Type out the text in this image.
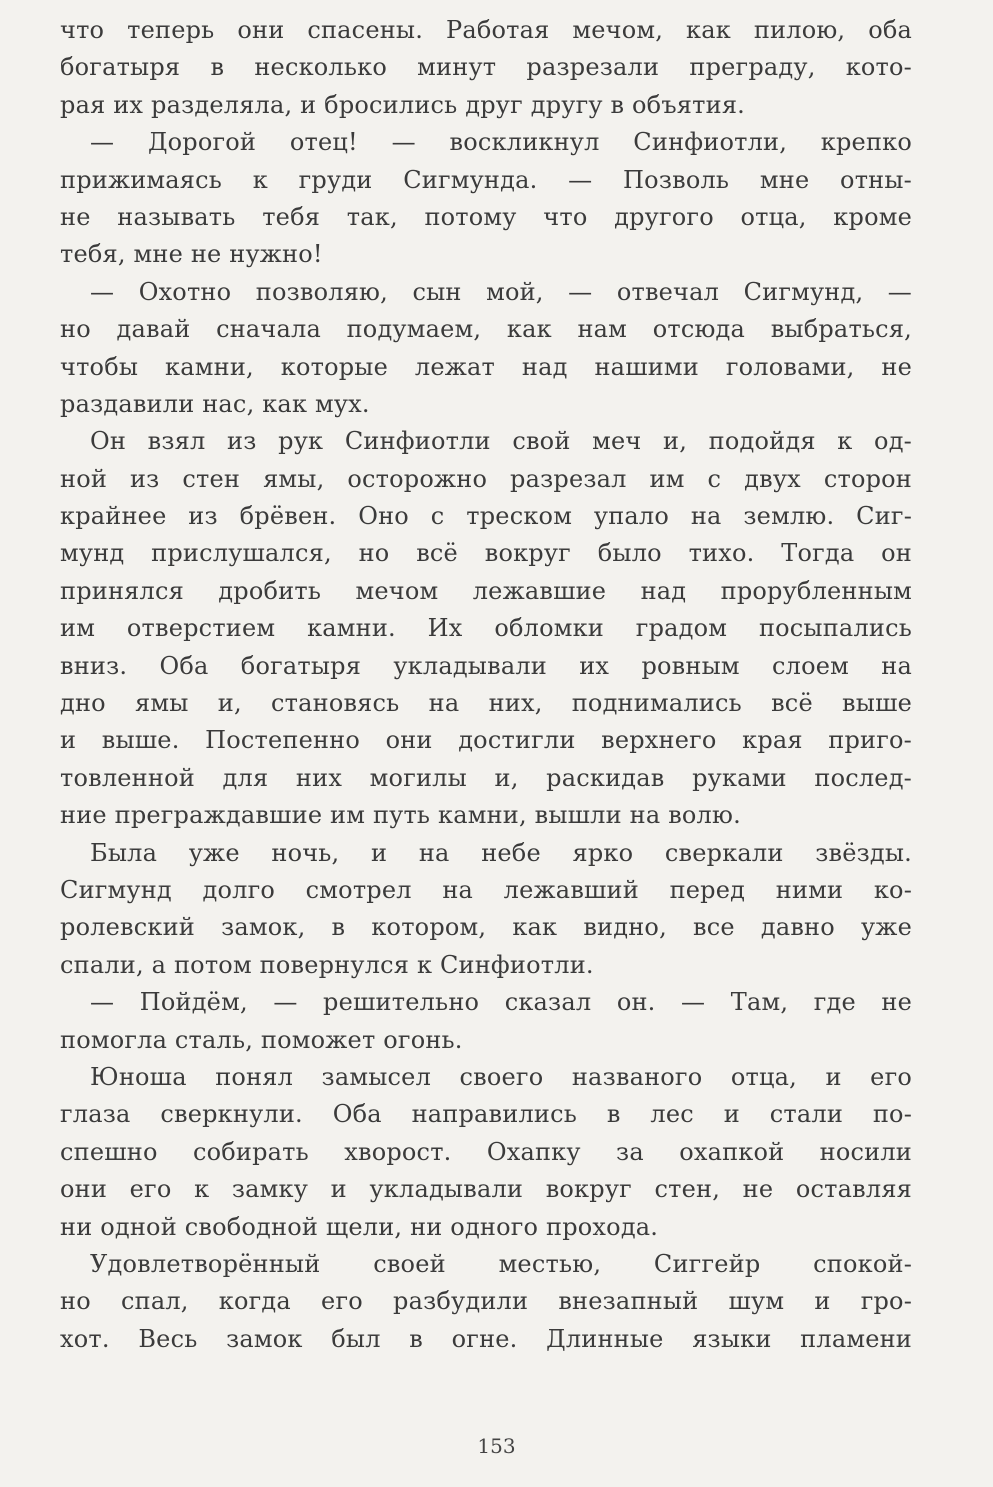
что теперь они спасены. Работая мечом, как пилою, оба
богатыря в несколько минут разрезали преграду, кото-
рая их разделяла, и бросились друг другу в объятия.
— Дорогой отец! — воскликнул Синфиотли, крепко
прижимаясь к груди Сигмунда. — Позволь мне отны-
не называть тебя так, потому что другого отца, кроме
тебя, мне не нужно!
— Охотно позволяю, сын мой, — отвечал Сигмунд, —
но давай сначала подумаем, как нам отсюда выбраться,
чтобы камни, которые лежат над нашими головами, не
раздавили нас, как мух.
Он взял из рук Синфиотли свой меч и, подойдя к од-
ной из стен ямы, осторожно разрезал им с двух сторон
крайнее из брёвен. Оно с треском упало на землю. Сиг-
мунд прислушался, но всё вокруг было тихо. Тогда он
принялся дробить мечом лежавшие над прорубленным
им отверстием камни. Их обломки градом посыпались
вниз. Оба богатыря укладывали их ровным слоем на
дно ямы и, становясь на них, поднимались всё выше
и выше. Постепенно они достигли верхнего края приго-
товленной для них могилы и, раскидав руками послед-
ние преграждавшие им путь камни, вышли на волю.
Была уже ночь, и на небе ярко сверкали звёзды.
Сигмунд долго смотрел на лежавший перед ними ко-
ролевский замок, в котором, как видно, все давно уже
спали, а потом повернулся к Синфиотли.
— Пойдём, — решительно сказал он. — Там, где не
помогла сталь, поможет огонь.
Юноша понял замысел своего названого отца, и его
глаза сверкнули. Оба направились в лес и стали по-
спешно собирать хворост. Охапку за охапкой носили
они его к замку и укладывали вокруг стен, не оставляя
ни одной свободной щели, ни одного прохода.
Удовлетворённый своей местью, Сиггейр спокой-
но спал, когда его разбудили внезапный шум и гро-
хот. Весь замок был в огне. Длинные языки пламени
153
